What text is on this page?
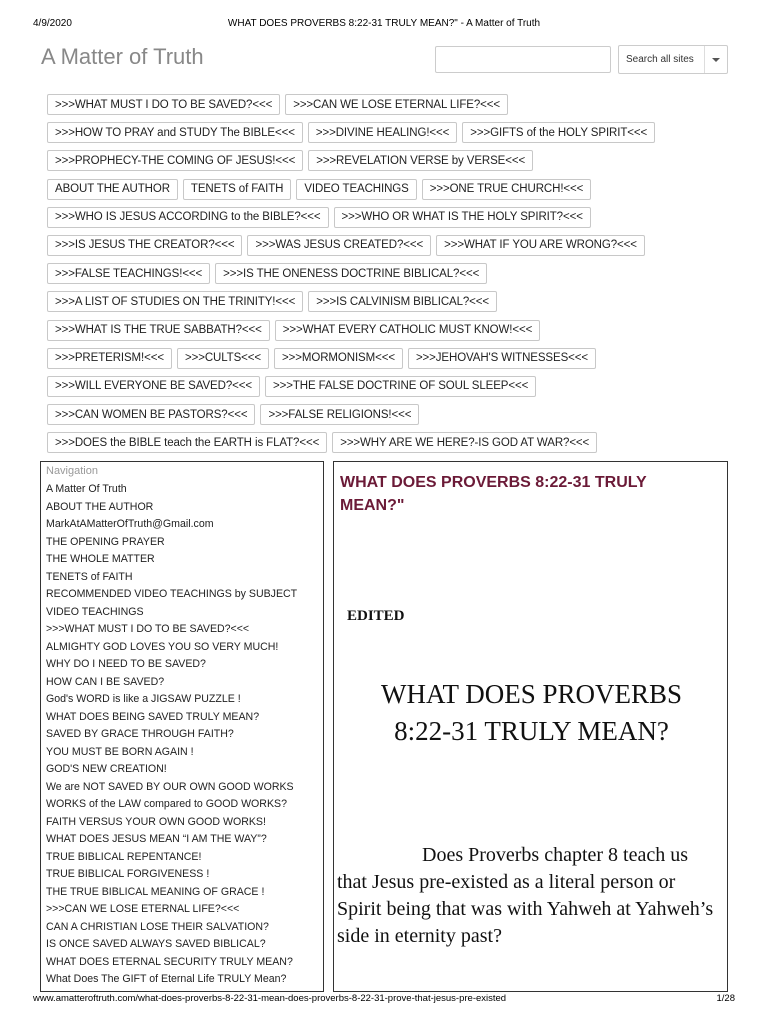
4/9/2020	WHAT DOES PROVERBS 8:22-31 TRULY MEAN?" - A Matter of Truth
A Matter of Truth	Search all sites
>>>WHAT MUST I DO TO BE SAVED?<<<	>>>CAN WE LOSE ETERNAL LIFE?<<<
>>>HOW TO PRAY and STUDY The BIBLE<<<	>>>DIVINE HEALING!<<<	>>>GIFTS of the HOLY SPIRIT<<<
>>>PROPHECY-THE COMING OF JESUS!<<<	>>>REVELATION VERSE by VERSE<<<
ABOUT THE AUTHOR	TENETS of FAITH	VIDEO TEACHINGS	>>>ONE TRUE CHURCH!<<<
>>>WHO IS JESUS ACCORDING to the BIBLE?<<<	>>>WHO OR WHAT IS THE HOLY SPIRIT?<<<
>>>IS JESUS THE CREATOR?<<<	>>>WAS JESUS CREATED?<<<	>>>WHAT IF YOU ARE WRONG?<<<
>>>FALSE TEACHINGS!<<<	>>>IS THE ONENESS DOCTRINE BIBLICAL?<<<
>>>A LIST OF STUDIES ON THE TRINITY!<<<	>>>IS CALVINISM BIBLICAL?<<<
>>>WHAT IS THE TRUE SABBATH?<<<	>>>WHAT EVERY CATHOLIC MUST KNOW!<<<
>>>PRETERISM!<<<	>>>CULTS<<<	>>>MORMONISM<<<	>>>JEHOVAH'S WITNESSES<<<
>>>WILL EVERYONE BE SAVED?<<<	>>>THE FALSE DOCTRINE OF SOUL SLEEP<<<
>>>CAN WOMEN BE PASTORS?<<<	>>>FALSE RELIGIONS!<<<
>>>DOES the BIBLE teach the EARTH is FLAT?<<<	>>>WHY ARE WE HERE?-IS GOD AT WAR?<<<
Navigation
A Matter Of Truth
ABOUT THE AUTHOR
MarkAtAMatterOfTruth@Gmail.com
THE OPENING PRAYER
THE WHOLE MATTER
TENETS of FAITH
RECOMMENDED VIDEO TEACHINGS by SUBJECT
VIDEO TEACHINGS
>>>WHAT MUST I DO TO BE SAVED?<<<
ALMIGHTY GOD LOVES YOU SO VERY MUCH!
WHY DO I NEED TO BE SAVED?
HOW CAN I BE SAVED?
God's WORD is like a JIGSAW PUZZLE !
WHAT DOES BEING SAVED TRULY MEAN?
SAVED BY GRACE THROUGH FAITH?
YOU MUST BE BORN AGAIN !
GOD'S NEW CREATION!
We are NOT SAVED BY OUR OWN GOOD WORKS
WORKS of the LAW compared to GOOD WORKS?
FAITH VERSUS YOUR OWN GOOD WORKS!
WHAT DOES JESUS MEAN “I AM THE WAY”?
TRUE BIBLICAL REPENTANCE!
TRUE BIBLICAL FORGIVENESS !
THE TRUE BIBLICAL MEANING OF GRACE !
>>>CAN WE LOSE ETERNAL LIFE?<<<
CAN A CHRISTIAN LOSE THEIR SALVATION?
IS ONCE SAVED ALWAYS SAVED BIBLICAL?
WHAT DOES ETERNAL SECURITY TRULY MEAN?
What Does The GIFT of Eternal Life TRULY Mean?
WHAT DOES PROVERBS 8:22-31 TRULY MEAN?"
EDITED
WHAT DOES PROVERBS
8:22-31 TRULY MEAN?
Does Proverbs chapter 8 teach us that Jesus pre-existed as a literal person or Spirit being that was with Yahweh at Yahweh’s side in eternity past?
www.amatteroftruth.com/what-does-proverbs-8-22-31-mean-does-proverbs-8-22-31-prove-that-jesus-pre-existed	1/28
